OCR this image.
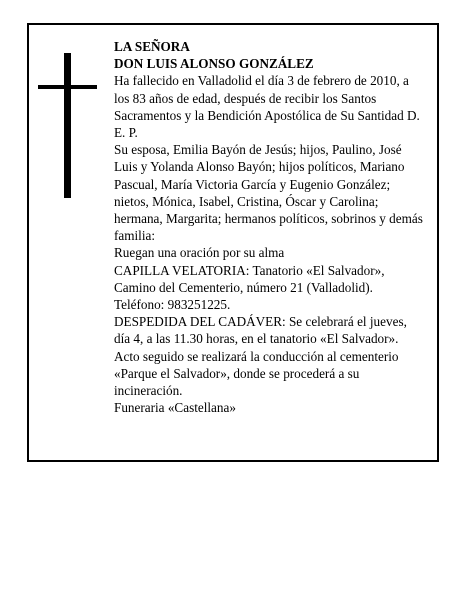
LA SEÑORA

DON LUIS ALONSO GONZÁLEZ

Ha fallecido en Valladolid el día 3 de febrero de 2010, a los 83 años de edad, después de recibir los Santos Sacramentos y la Bendición Apostólica de Su Santidad D. E. P.

Su esposa, Emilia Bayón de Jesús; hijos, Paulino, José Luis y Yolanda Alonso Bayón; hijos políticos, Mariano Pascual, María Victoria García y Eugenio González; nietos, Mónica, Isabel, Cristina, Óscar y Carolina; hermana, Margarita; hermanos políticos, sobrinos y demás familia:

Ruegan una oración por su alma

CAPILLA VELATORIA: Tanatorio «El Salvador», Camino del Cementerio, número 21 (Valladolid). Teléfono: 983251225.

DESPEDIDA DEL CADÁVER: Se celebrará el jueves, día 4, a las 11.30 horas, en el tanatorio «El Salvador». Acto seguido se realizará la conducción al cementerio «Parque el Salvador», donde se procederá a su incineración.

Funeraria «Castellana»
